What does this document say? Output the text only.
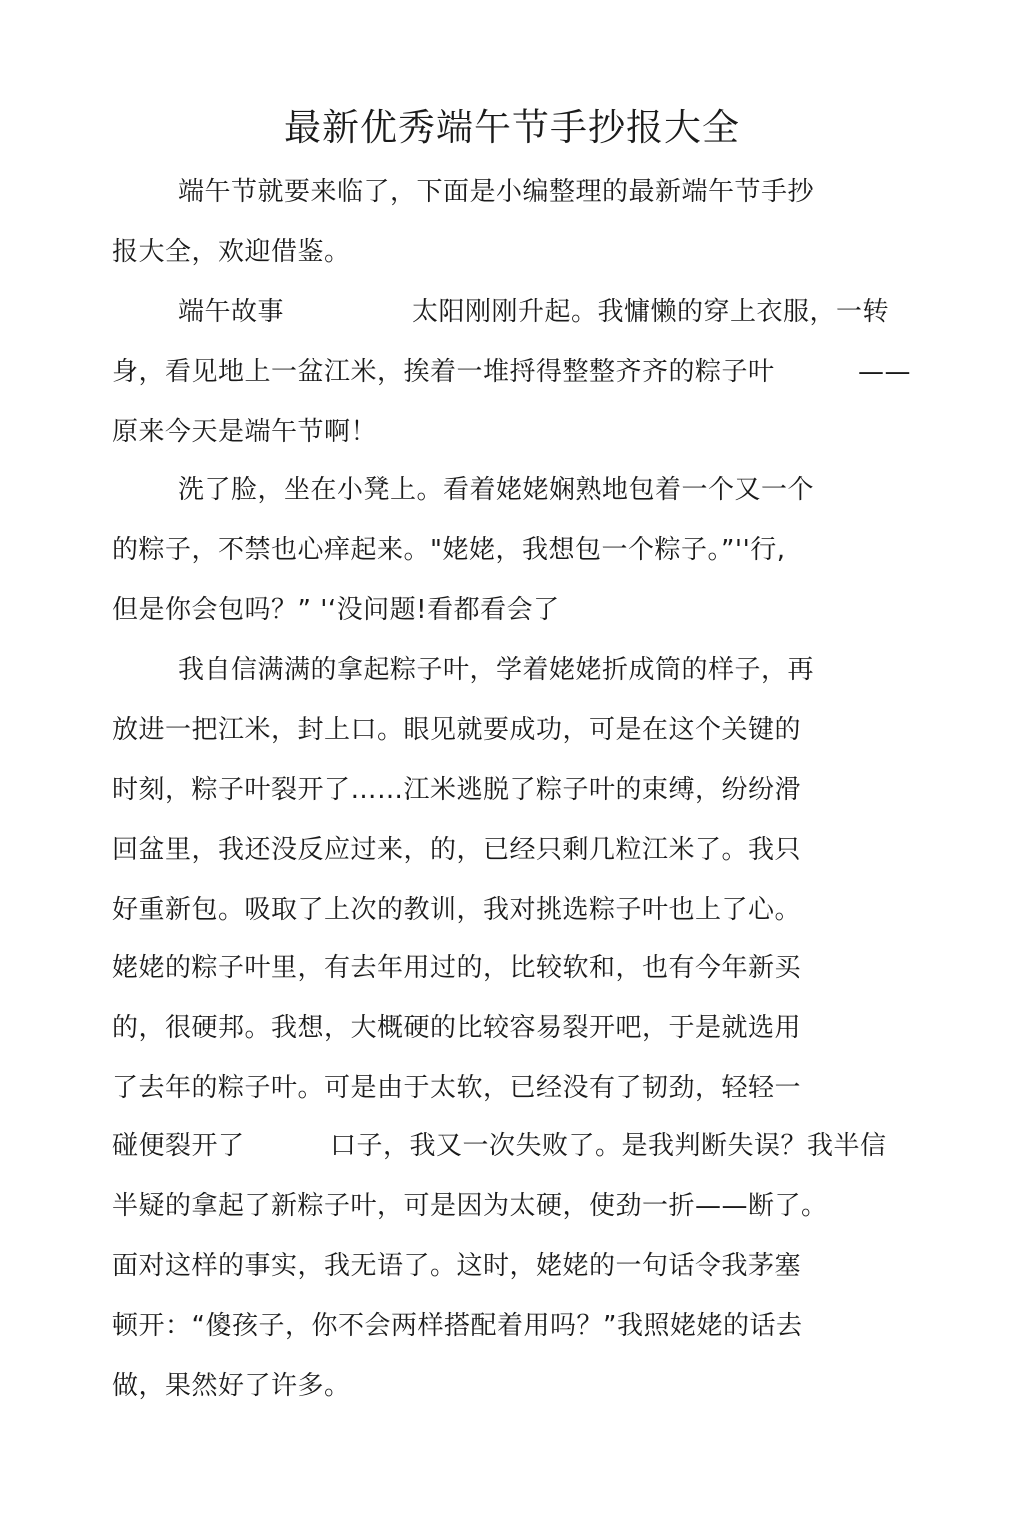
最新优秀端午节手抄报大全
端午节就要来临了，下面是小编整理的最新端午节手抄
报大全，欢迎借鉴。
端午故事	太阳刚刚升起。我慵懒的穿上衣服，一转
身，看见地上一盆江米，挨着一堆捋得整整齐齐的粽子叶	——
原来今天是端午节啊！
洗了脸，坐在小凳上。看着姥姥娴熟地包着一个又一个
的粽子，不禁也心痒起来。"姥姥，我想包一个粽子。”''行,
但是你会包吗？” '‘没问题!看都看会了
我自信满满的拿起粽子叶，学着姥姥折成筒的样子，再
放进一把江米，封上口。眼见就要成功，可是在这个关键的
时刻，粽子叶裂开了……江米逃脱了粽子叶的束缚，纷纷滑
回盆里，我还没反应过来，的，已经只剩几粒江米了。我只
好重新包。吸取了上次的教训，我对挑选粽子叶也上了心。
姥姥的粽子叶里，有去年用过的，比较软和，也有今年新买
的，很硬邦。我想，大概硬的比较容易裂开吧，于是就选用
了去年的粽子叶。可是由于太软，已经没有了韧劲，轻轻一
碰便裂开了	口子，我又一次失败了。是我判断失误？我半信
半疑的拿起了新粽子叶，可是因为太硬，使劲一折——断了。
面对这样的事实，我无语了。这时，姥姥的一句话令我茅塞
顿开：“傻孩子，你不会两样搭配着用吗？”我照姥姥的话去
做，果然好了许多。
